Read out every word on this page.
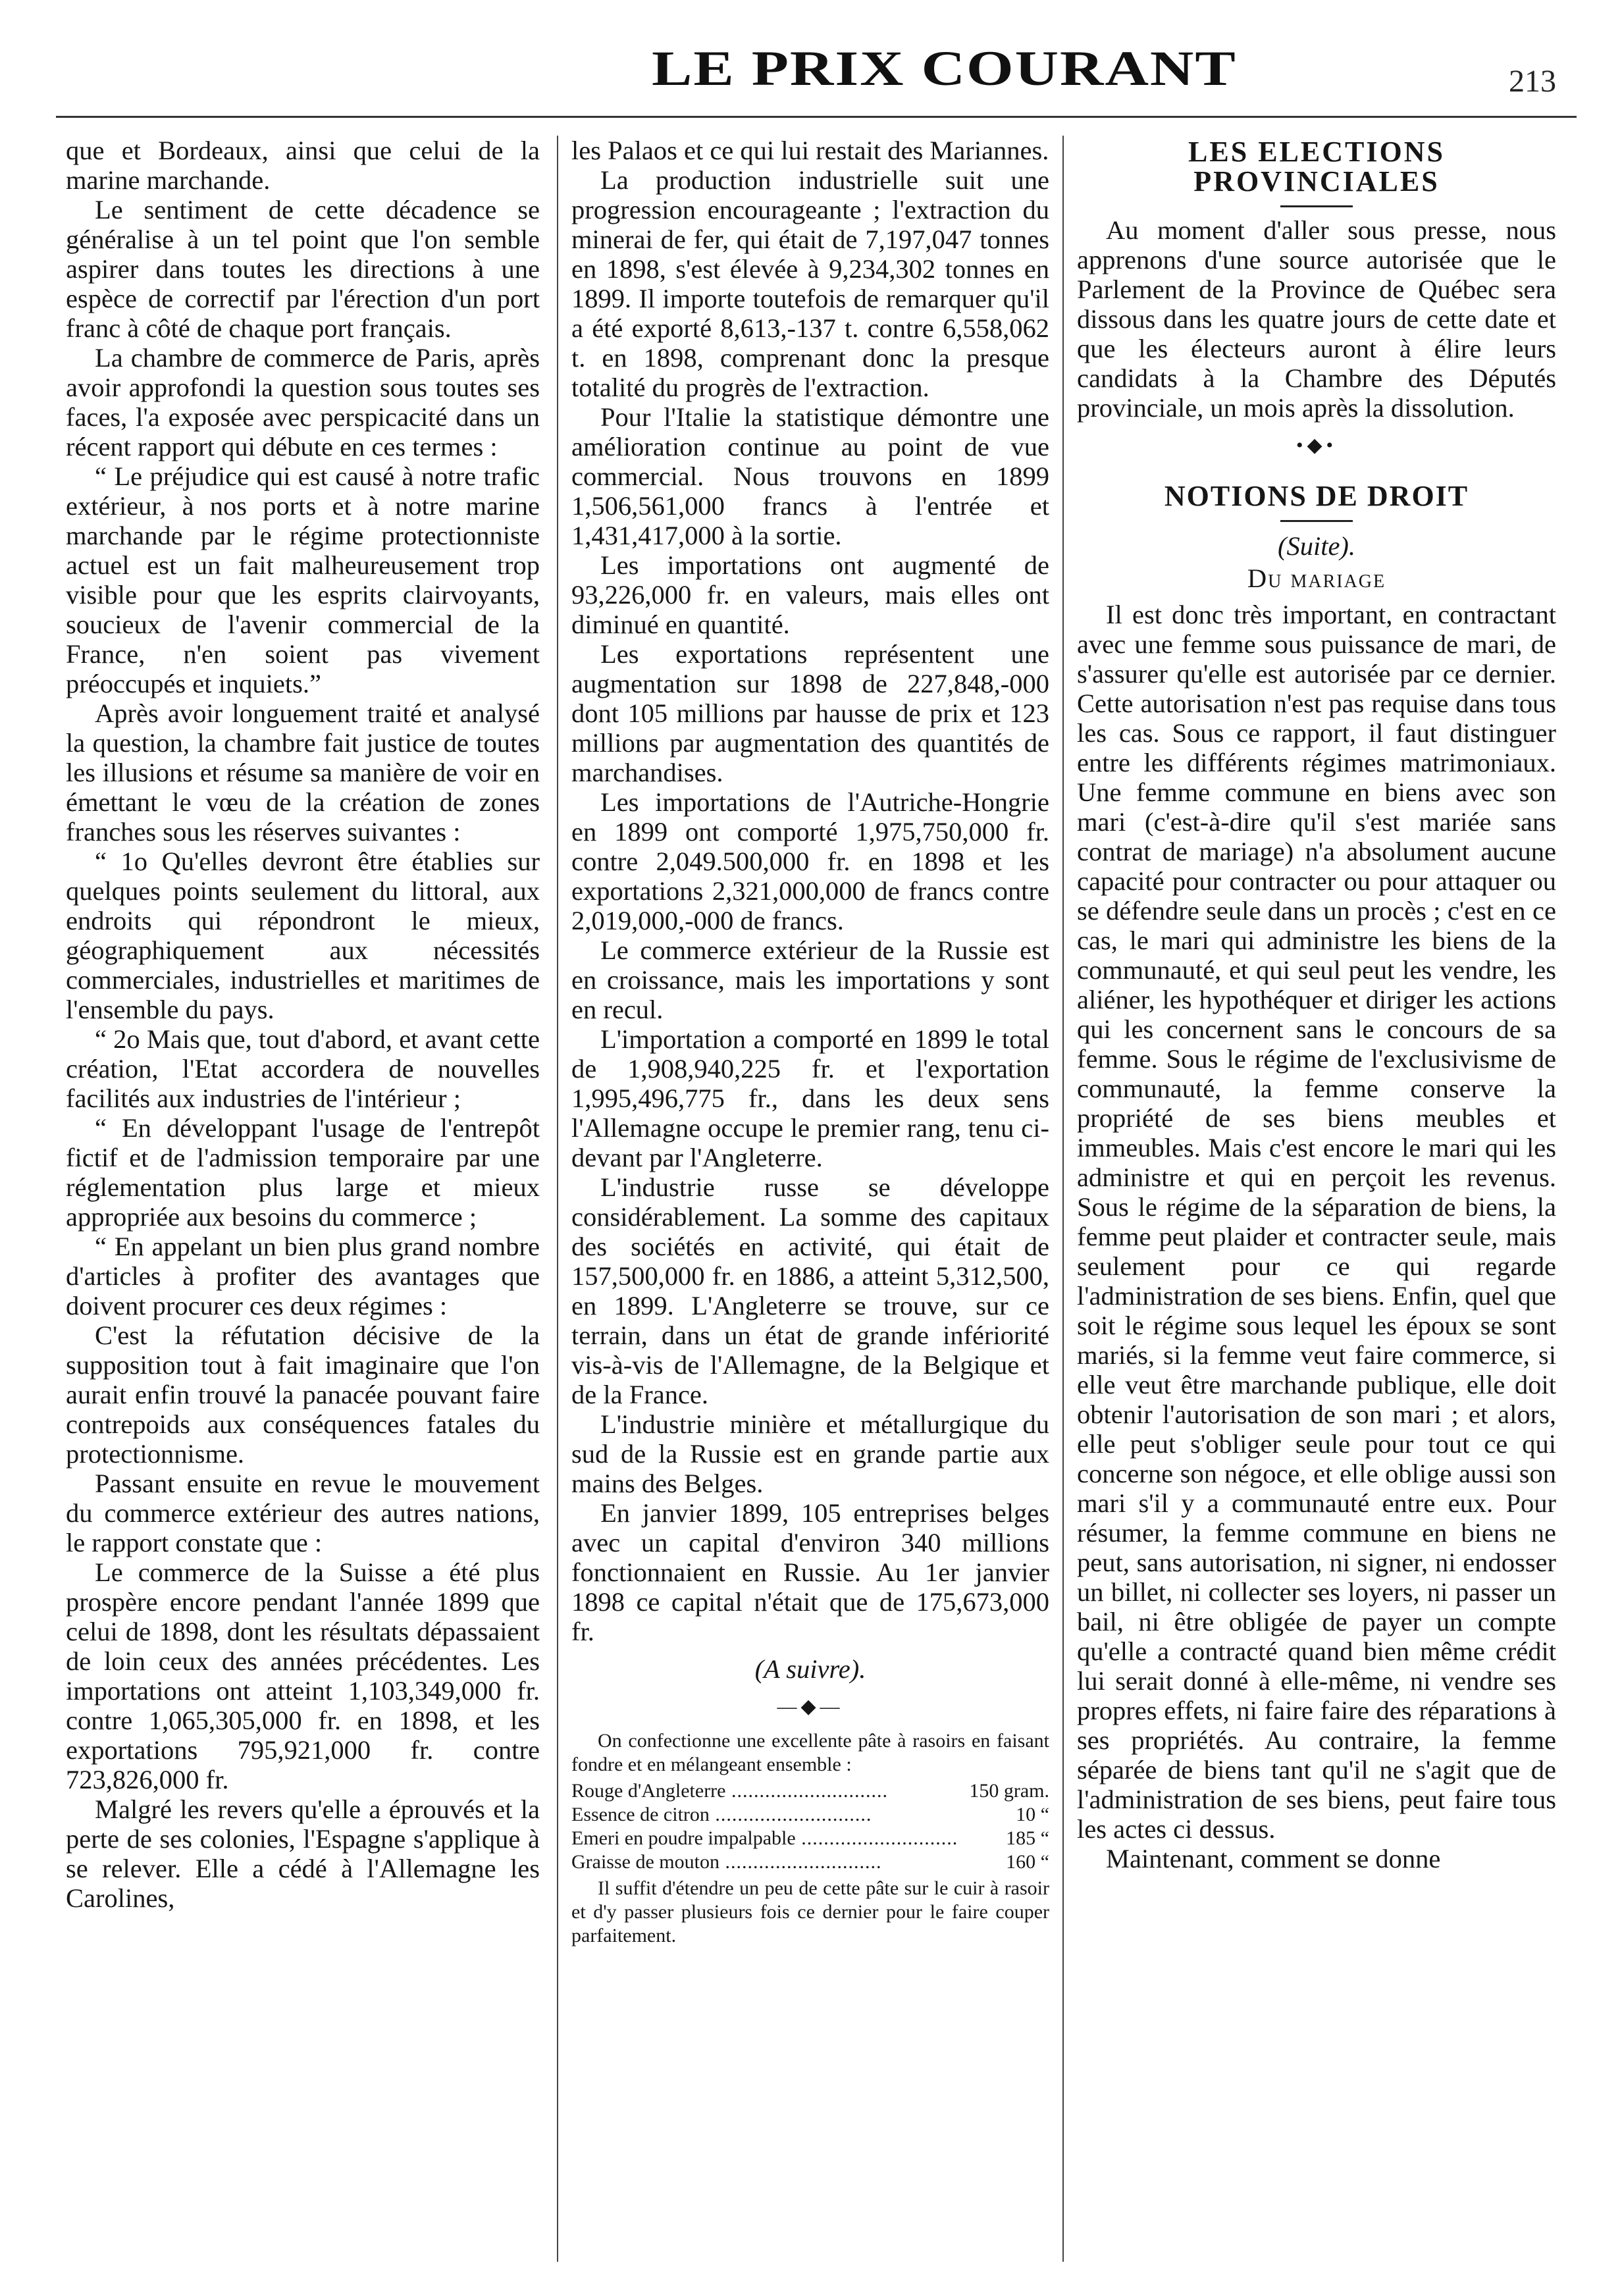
LE PRIX COURANT	213

que et Bordeaux, ainsi que celui de la marine marchande.

Le sentiment de cette décadence se généralise à un tel point que l'on semble aspirer dans toutes les directions à une espèce de correctif par l'érection d'un port franc à côté de chaque port français.

La chambre de commerce de Paris, après avoir approfondi la question sous toutes ses faces, l'a exposée avec perspicacité dans un récent rapport qui débute en ces termes :

“ Le préjudice qui est causé à notre trafic extérieur, à nos ports et à notre marine marchande par le régime protectionniste actuel est un fait malheureusement trop visible pour que les esprits clairvoyants, soucieux de l'avenir commercial de la France, n'en soient pas vivement préoccupés et inquiets.”

Après avoir longuement traité et analysé la question, la chambre fait justice de toutes les illusions et résume sa manière de voir en émettant le vœu de la création de zones franches sous les réserves suivantes :

“ 1o Qu'elles devront être établies sur quelques points seulement du littoral, aux endroits qui répondront le mieux, géographiquement aux nécessités commerciales, industrielles et maritimes de l'ensemble du pays.

“ 2o Mais que, tout d'abord, et avant cette création, l'Etat accordera de nouvelles facilités aux industries de l'intérieur ;

“ En développant l'usage de l'entrepôt fictif et de l'admission temporaire par une réglementation plus large et mieux appropriée aux besoins du commerce ;

“ En appelant un bien plus grand nombre d'articles à profiter des avantages que doivent procurer ces deux régimes :

C'est la réfutation décisive de la supposition tout à fait imaginaire que l'on aurait enfin trouvé la panacée pouvant faire contrepoids aux conséquences fatales du protectionnisme.

Passant ensuite en revue le mouvement du commerce extérieur des autres nations, le rapport constate que :

Le commerce de la Suisse a été plus prospère encore pendant l'année 1899 que celui de 1898, dont les résultats dépassaient de loin ceux des années précédentes. Les importations ont atteint 1,103,349,000 fr. contre 1,065,305,000 fr. en 1898, et les exportations 795,921,000 fr. contre 723,826,000 fr.

Malgré les revers qu'elle a éprouvés et la perte de ses colonies, l'Espagne s'applique à se relever. Elle a cédé à l'Allemagne les Carolines,

les Palaos et ce qui lui restait des Mariannes.

La production industrielle suit une progression encourageante ; l'extraction du minerai de fer, qui était de 7,197,047 tonnes en 1898, s'est élevée à 9,234,302 tonnes en 1899. Il importe toutefois de remarquer qu'il a été exporté 8,613,-137 t. contre 6,558,062 t. en 1898, comprenant donc la presque totalité du progrès de l'extraction.

Pour l'Italie la statistique démontre une amélioration continue au point de vue commercial. Nous trouvons en 1899 1,506,561,000 francs à l'entrée et 1,431,417,000 à la sortie.

Les importations ont augmenté de 93,226,000 fr. en valeurs, mais elles ont diminué en quantité.

Les exportations représentent une augmentation sur 1898 de 227,848,-000 dont 105 millions par hausse de prix et 123 millions par augmentation des quantités de marchandises.

Les importations de l'Autriche-Hongrie en 1899 ont comporté 1,975,750,000 fr. contre 2,049.500,000 fr. en 1898 et les exportations 2,321,000,000 de francs contre 2,019,000,-000 de francs.

Le commerce extérieur de la Russie est en croissance, mais les importations y sont en recul.

L'importation a comporté en 1899 le total de 1,908,940,225 fr. et l'exportation 1,995,496,775 fr., dans les deux sens l'Allemagne occupe le premier rang, tenu ci-devant par l'Angleterre.

L'industrie russe se développe considérablement. La somme des capitaux des sociétés en activité, qui était de 157,500,000 fr. en 1886, a atteint 5,312,500, en 1899. L'Angleterre se trouve, sur ce terrain, dans un état de grande infériorité vis-à-vis de l'Allemagne, de la Belgique et de la France.

L'industrie minière et métallurgique du sud de la Russie est en grande partie aux mains des Belges.

En janvier 1899, 105 entreprises belges avec un capital d'environ 340 millions fonctionnaient en Russie. Au 1er janvier 1898 ce capital n'était que de 175,673,000 fr.

(A suivre).

—◆—

On confectionne une excellente pâte à rasoirs en faisant fondre et en mélangeant ensemble :

Rouge d'Angleterre .....	150 gram.
Essence de citron .....	10 “
Emeri en poudre impalpable .....	185 “
Graisse de mouton .....	160 “

Il suffit d'étendre un peu de cette pâte sur le cuir à rasoir et d'y passer plusieurs fois ce dernier pour le faire couper parfaitement.

LES ELECTIONS PROVINCIALES

Au moment d'aller sous presse, nous apprenons d'une source autorisée que le Parlement de la Province de Québec sera dissous dans les quatre jours de cette date et que les électeurs auront à élire leurs candidats à la Chambre des Députés provinciale, un mois après la dissolution.

•◆•

NOTIONS DE DROIT

(Suite).

Du mariage

Il est donc très important, en contractant avec une femme sous puissance de mari, de s'assurer qu'elle est autorisée par ce dernier. Cette autorisation n'est pas requise dans tous les cas. Sous ce rapport, il faut distinguer entre les différents régimes matrimoniaux. Une femme commune en biens avec son mari (c'est-à-dire qu'il s'est mariée sans contrat de mariage) n'a absolument aucune capacité pour contracter ou pour attaquer ou se défendre seule dans un procès ; c'est en ce cas, le mari qui administre les biens de la communauté, et qui seul peut les vendre, les aliéner, les hypothéquer et diriger les actions qui les concernent sans le concours de sa femme. Sous le régime de l'exclusivisme de communauté, la femme conserve la propriété de ses biens meubles et immeubles. Mais c'est encore le mari qui les administre et qui en perçoit les revenus. Sous le régime de la séparation de biens, la femme peut plaider et contracter seule, mais seulement pour ce qui regarde l'administration de ses biens. Enfin, quel que soit le régime sous lequel les époux se sont mariés, si la femme veut faire commerce, si elle veut être marchande publique, elle doit obtenir l'autorisation de son mari ; et alors, elle peut s'obliger seule pour tout ce qui concerne son négoce, et elle oblige aussi son mari s'il y a communauté entre eux. Pour résumer, la femme commune en biens ne peut, sans autorisation, ni signer, ni endosser un billet, ni collecter ses loyers, ni passer un bail, ni être obligée de payer un compte qu'elle a contracté quand bien même crédit lui serait donné à elle-même, ni vendre ses propres effets, ni faire faire des réparations à ses propriétés. Au contraire, la femme séparée de biens tant qu'il ne s'agit que de l'administration de ses biens, peut faire tous les actes ci dessus.

Maintenant, comment se donne
